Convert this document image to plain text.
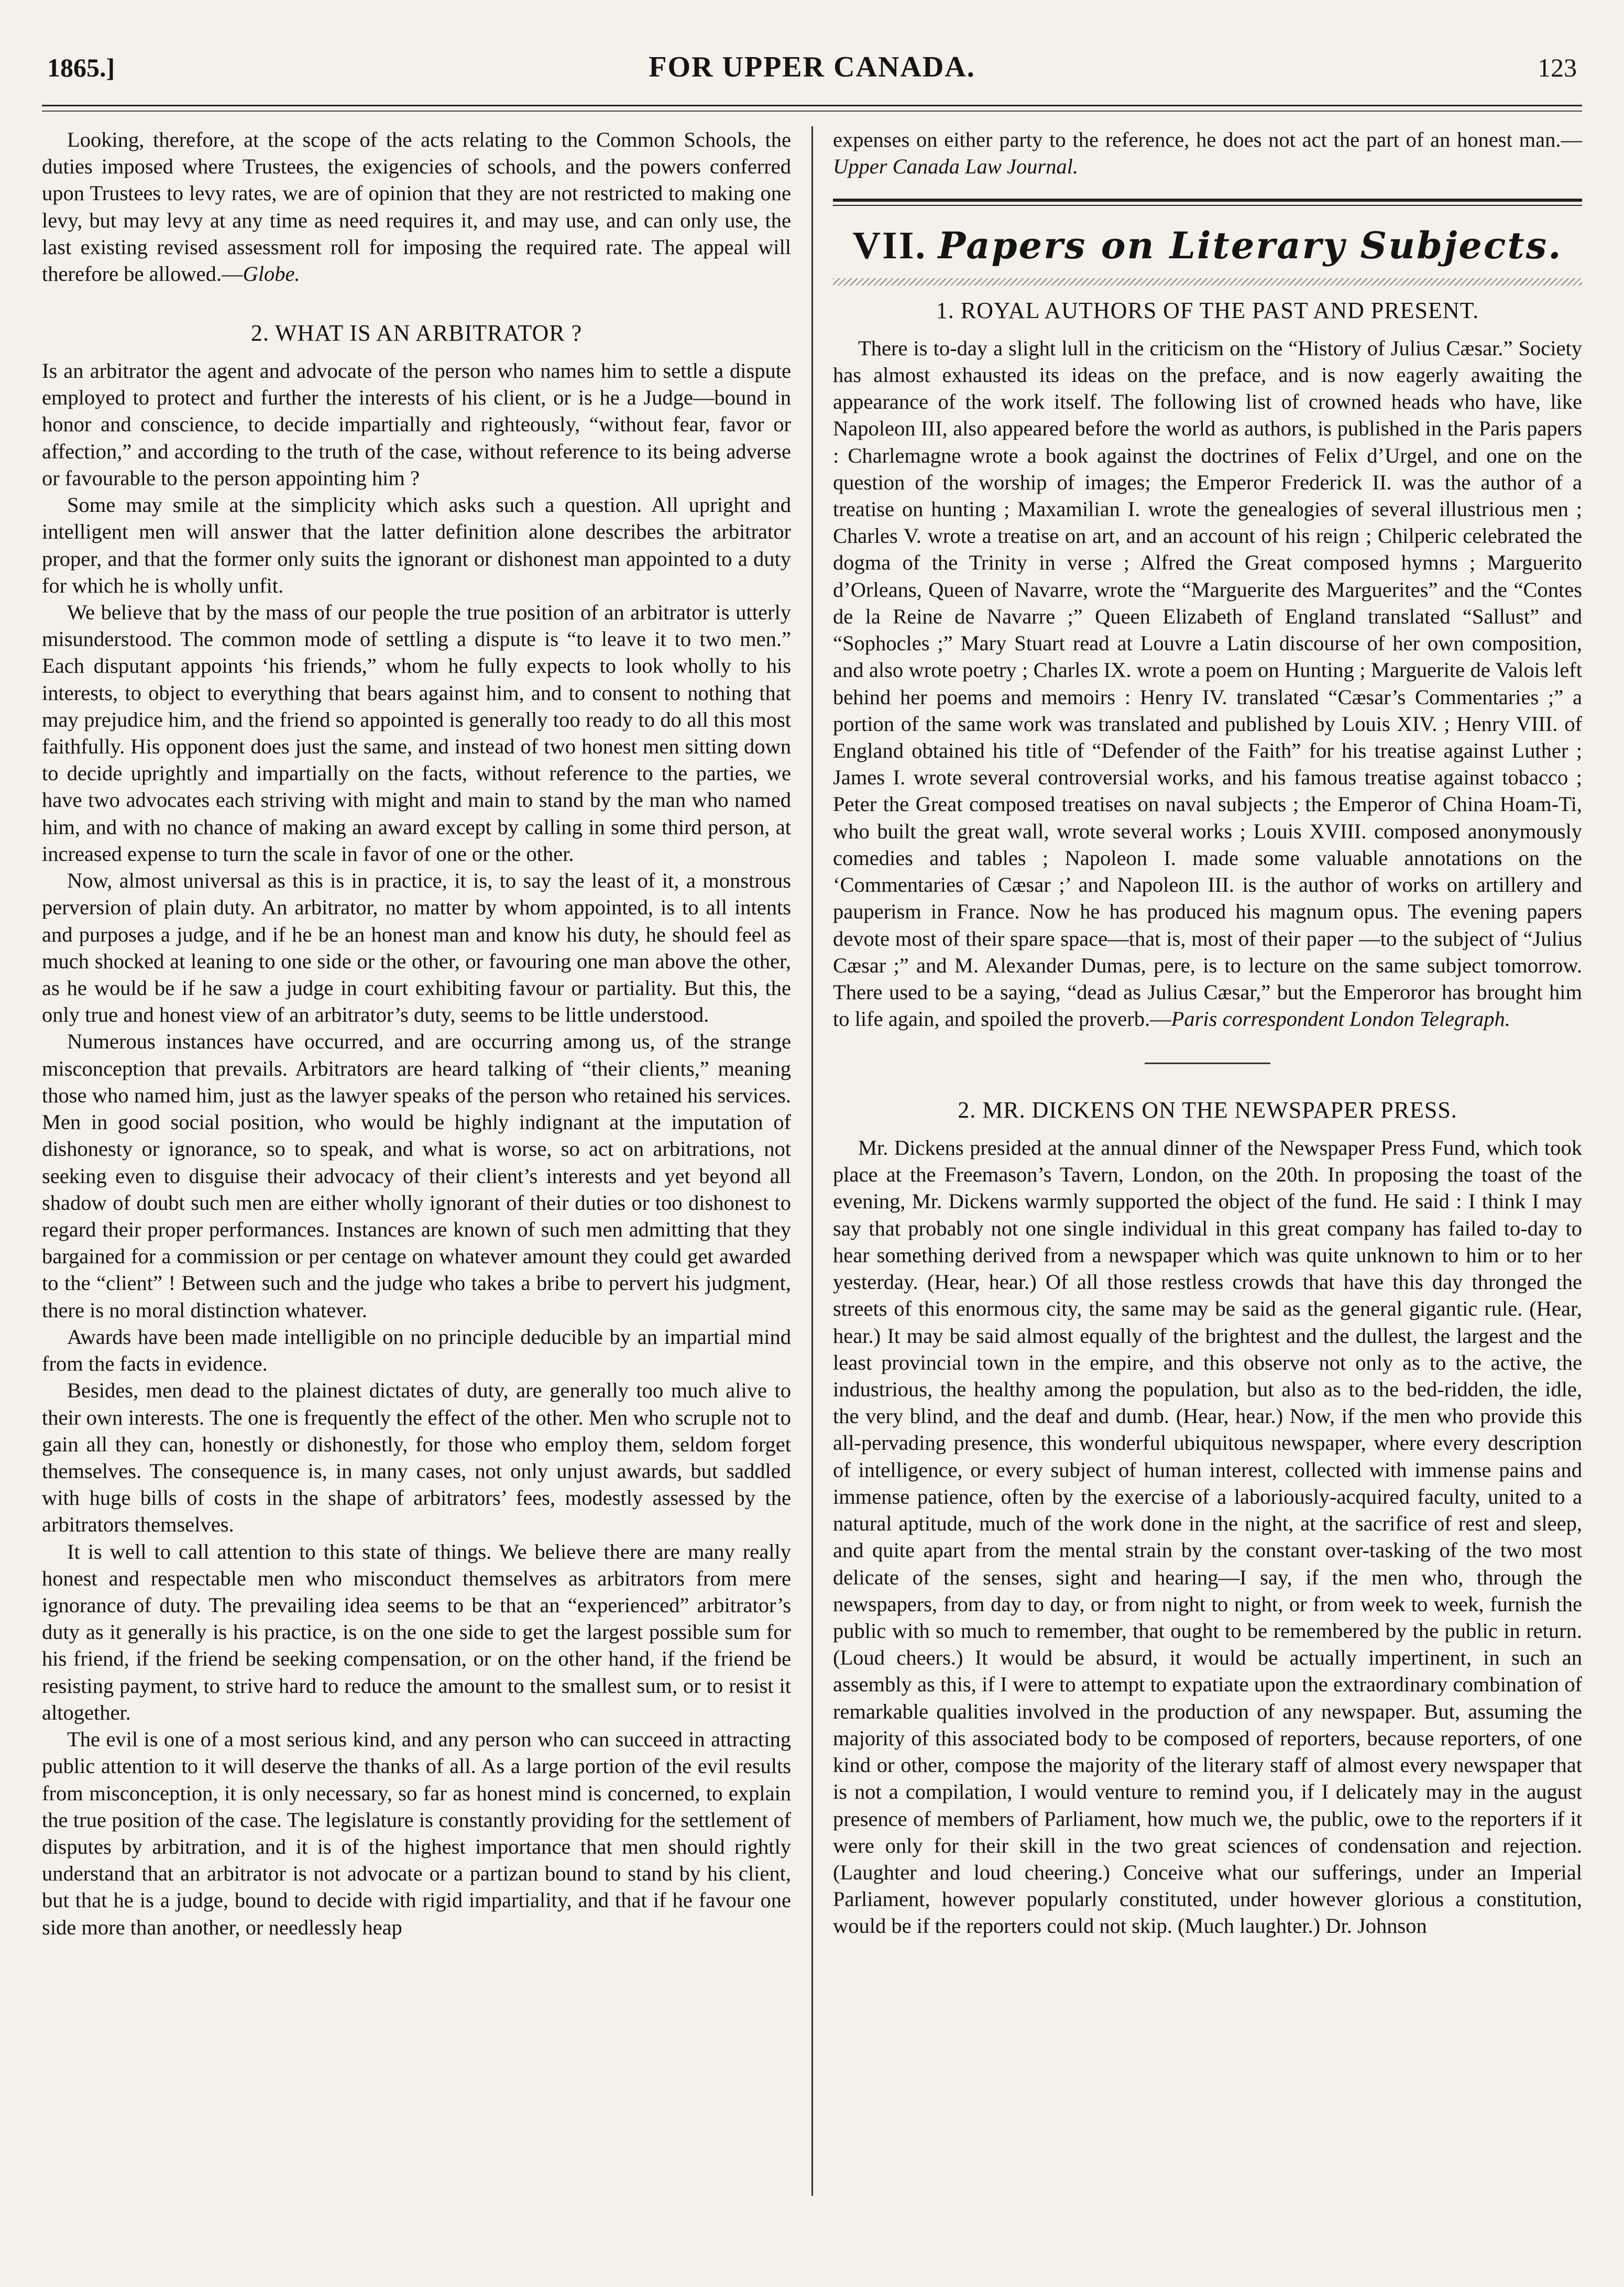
1865.]	FOR UPPER CANADA.	123

Looking, therefore, at the scope of the acts relating to the Common Schools, the duties imposed where Trustees, the exigencies of schools, and the powers conferred upon Trustees to levy rates, we are of opinion that they are not restricted to making one levy, but may levy at any time as need requires it, and may use, and can only use, the last existing revised assessment roll for imposing the required rate. The appeal will therefore be allowed.—Globe.

2. WHAT IS AN ARBITRATOR ?

Is an arbitrator the agent and advocate of the person who names him to settle a dispute employed to protect and further the interests of his client, or is he a Judge—bound in honor and conscience, to decide impartially and righteously, “without fear, favor or affection,” and according to the truth of the case, without reference to its being adverse or favourable to the person appointing him ?

Some may smile at the simplicity which asks such a question. All upright and intelligent men will answer that the latter definition alone describes the arbitrator proper, and that the former only suits the ignorant or dishonest man appointed to a duty for which he is wholly unfit.

We believe that by the mass of our people the true position of an arbitrator is utterly misunderstood. The common mode of settling a dispute is “to leave it to two men.” Each disputant appoints ‘his friends,” whom he fully expects to look wholly to his interests, to object to everything that bears against him, and to consent to nothing that may prejudice him, and the friend so appointed is generally too ready to do all this most faithfully. His opponent does just the same, and instead of two honest men sitting down to decide uprightly and impartially on the facts, without reference to the parties, we have two advocates each striving with might and main to stand by the man who named him, and with no chance of making an award except by calling in some third person, at increased expense to turn the scale in favor of one or the other.

Now, almost universal as this is in practice, it is, to say the least of it, a monstrous perversion of plain duty. An arbitrator, no matter by whom appointed, is to all intents and purposes a judge, and if he be an honest man and know his duty, he should feel as much shocked at leaning to one side or the other, or favouring one man above the other, as he would be if he saw a judge in court exhibiting favour or partiality. But this, the only true and honest view of an arbitrator’s duty, seems to be little understood.

Numerous instances have occurred, and are occurring among us, of the strange misconception that prevails. Arbitrators are heard talking of “their clients,” meaning those who named him, just as the lawyer speaks of the person who retained his services. Men in good social position, who would be highly indignant at the imputation of dishonesty or ignorance, so to speak, and what is worse, so act on arbitrations, not seeking even to disguise their advocacy of their client’s interests and yet beyond all shadow of doubt such men are either wholly ignorant of their duties or too dishonest to regard their proper performances. Instances are known of such men admitting that they bargained for a commission or per centage on whatever amount they could get awarded to the “client” ! Between such and the judge who takes a bribe to pervert his judgment, there is no moral distinction whatever.

Awards have been made intelligible on no principle deducible by an impartial mind from the facts in evidence.

Besides, men dead to the plainest dictates of duty, are generally too much alive to their own interests. The one is frequently the effect of the other. Men who scruple not to gain all they can, honestly or dishonestly, for those who employ them, seldom forget themselves. The consequence is, in many cases, not only unjust awards, but saddled with huge bills of costs in the shape of arbitrators’ fees, modestly assessed by the arbitrators themselves.

It is well to call attention to this state of things. We believe there are many really honest and respectable men who misconduct themselves as arbitrators from mere ignorance of duty. The prevailing idea seems to be that an “experienced” arbitrator’s duty as it generally is his practice, is on the one side to get the largest possible sum for his friend, if the friend be seeking compensation, or on the other hand, if the friend be resisting payment, to strive hard to reduce the amount to the smallest sum, or to resist it altogether.

The evil is one of a most serious kind, and any person who can succeed in attracting public attention to it will deserve the thanks of all. As a large portion of the evil results from misconception, it is only necessary, so far as honest mind is concerned, to explain the true position of the case. The legislature is constantly providing for the settlement of disputes by arbitration, and it is of the highest importance that men should rightly understand that an arbitrator is not advocate or a partizan bound to stand by his client, but that he is a judge, bound to decide with rigid impartiality, and that if he favour one side more than another, or needlessly heap

expenses on either party to the reference, he does not act the part of an honest man.—Upper Canada Law Journal.

VII. Papers on Literary Subjects.
1. ROYAL AUTHORS OF THE PAST AND PRESENT.

There is to-day a slight lull in the criticism on the “History of Julius Cæsar.” Society has almost exhausted its ideas on the preface, and is now eagerly awaiting the appearance of the work itself. The following list of crowned heads who have, like Napoleon III, also appeared before the world as authors, is published in the Paris papers : Charlemagne wrote a book against the doctrines of Felix d’Urgel, and one on the question of the worship of images; the Emperor Frederick II. was the author of a treatise on hunting ; Maxamilian I. wrote the genealogies of several illustrious men ; Charles V. wrote a treatise on art, and an account of his reign ; Chilperic celebrated the dogma of the Trinity in verse ; Alfred the Great composed hymns ; Marguerito d’Orleans, Queen of Navarre, wrote the “Marguerite des Marguerites” and the “Contes de la Reine de Navarre ;” Queen Elizabeth of England translated “Sallust” and “Sophocles ;” Mary Stuart read at Louvre a Latin discourse of her own composition, and also wrote poetry ; Charles IX. wrote a poem on Hunting ; Marguerite de Valois left behind her poems and memoirs : Henry IV. translated “Cæsar’s Commentaries ;” a portion of the same work was translated and published by Louis XIV. ; Henry VIII. of England obtained his title of “Defender of the Faith” for his treatise against Luther ; James I. wrote several controversial works, and his famous treatise against tobacco ; Peter the Great composed treatises on naval subjects ; the Emperor of China Hoam-Ti, who built the great wall, wrote several works ; Louis XVIII. composed anonymously comedies and tables ; Napoleon I. made some valuable annotations on the ‘Commentaries of Cæsar ;’ and Napoleon III. is the author of works on artillery and pauperism in France. Now he has produced his magnum opus. The evening papers devote most of their spare space—that is, most of their paper —to the subject of “Julius Cæsar ;” and M. Alexander Dumas, pere, is to lecture on the same subject tomorrow. There used to be a saying, “dead as Julius Cæsar,” but the Emperoror has brought him to life again, and spoiled the proverb.—Paris correspondent London Telegraph.

2. MR. DICKENS ON THE NEWSPAPER PRESS.

Mr. Dickens presided at the annual dinner of the Newspaper Press Fund, which took place at the Freemason’s Tavern, London, on the 20th. In proposing the toast of the evening, Mr. Dickens warmly supported the object of the fund. He said : I think I may say that probably not one single individual in this great company has failed to-day to hear something derived from a newspaper which was quite unknown to him or to her yesterday. (Hear, hear.) Of all those restless crowds that have this day thronged the streets of this enormous city, the same may be said as the general gigantic rule. (Hear, hear.) It may be said almost equally of the brightest and the dullest, the largest and the least provincial town in the empire, and this observe not only as to the active, the industrious, the healthy among the population, but also as to the bed-ridden, the idle, the very blind, and the deaf and dumb. (Hear, hear.) Now, if the men who provide this all-pervading presence, this wonderful ubiquitous newspaper, where every description of intelligence, or every subject of human interest, collected with immense pains and immense patience, often by the exercise of a laboriously-acquired faculty, united to a natural aptitude, much of the work done in the night, at the sacrifice of rest and sleep, and quite apart from the mental strain by the constant over-tasking of the two most delicate of the senses, sight and hearing—I say, if the men who, through the newspapers, from day to day, or from night to night, or from week to week, furnish the public with so much to remember, that ought to be remembered by the public in return. (Loud cheers.) It would be absurd, it would be actually impertinent, in such an assembly as this, if I were to attempt to expatiate upon the extraordinary combination of remarkable qualities involved in the production of any newspaper. But, assuming the majority of this associated body to be composed of reporters, because reporters, of one kind or other, compose the majority of the literary staff of almost every newspaper that is not a compilation, I would venture to remind you, if I delicately may in the august presence of members of Parliament, how much we, the public, owe to the reporters if it were only for their skill in the two great sciences of condensation and rejection. (Laughter and loud cheering.) Conceive what our sufferings, under an Imperial Parliament, however popularly constituted, under however glorious a constitution, would be if the reporters could not skip. (Much laughter.) Dr. Johnson
